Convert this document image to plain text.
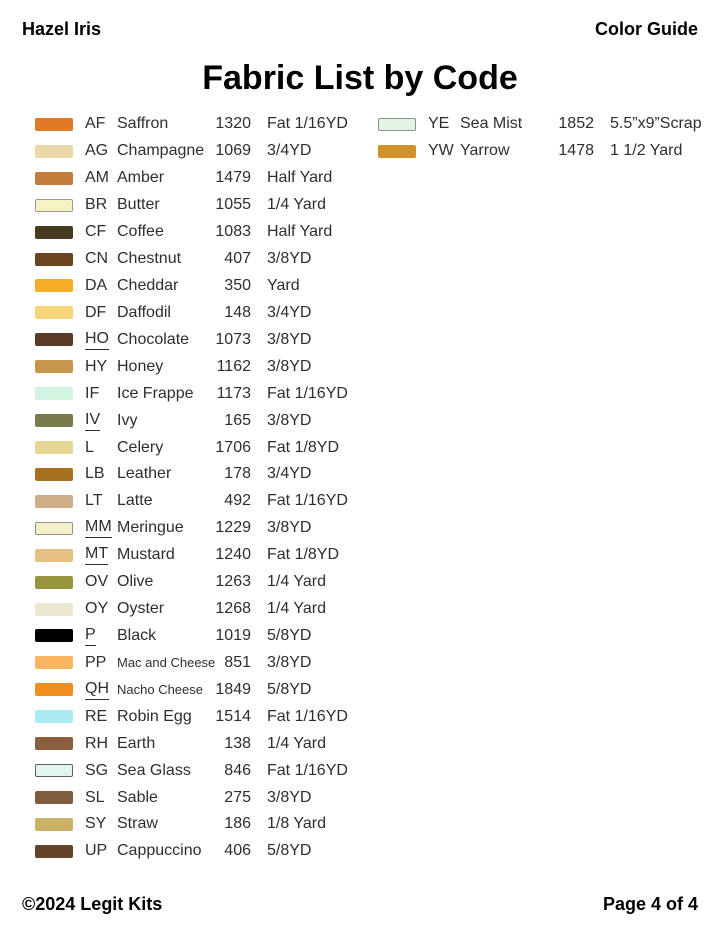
Hazel Iris	Color Guide
Fabric List by Code
AF Saffron	1320	Fat 1/16YD
AG Champagne 1069	3/4YD
AM Amber	1479	Half Yard
BR Butter	1055	1/4 Yard
CF Coffee	1083	Half Yard
CN Chestnut	407	3/8YD
DA Cheddar	350	Yard
DF Daffodil	148	3/4YD
HO Chocolate	1073	3/8YD
HY Honey	1162	3/8YD
IF	Ice Frappe	1173	Fat 1/16YD
IV	Ivy	165	3/8YD
L	Celery	1706	Fat 1/8YD
LB Leather	178	3/4YD
LT Latte	492	Fat 1/16YD
MM Meringue	1229	3/8YD
MT Mustard	1240	Fat 1/8YD
OV Olive	1263	1/4 Yard
OY Oyster	1268	1/4 Yard
P	Black	1019	5/8YD
PP Mac and Cheese 851	3/8YD
QH Nacho Cheese 1849	5/8YD
RE Robin Egg	1514	Fat 1/16YD
RH Earth	138	1/4 Yard
SG Sea Glass	846	Fat 1/16YD
SL Sable	275	3/8YD
SY Straw	186	1/8 Yard
UP Cappuccino	406	5/8YD
YE Sea Mist	1852	5.5”x9”Scrap
YW Yarrow	1478	1 1/2 Yard
©2024 Legit Kits	Page 4 of 4
